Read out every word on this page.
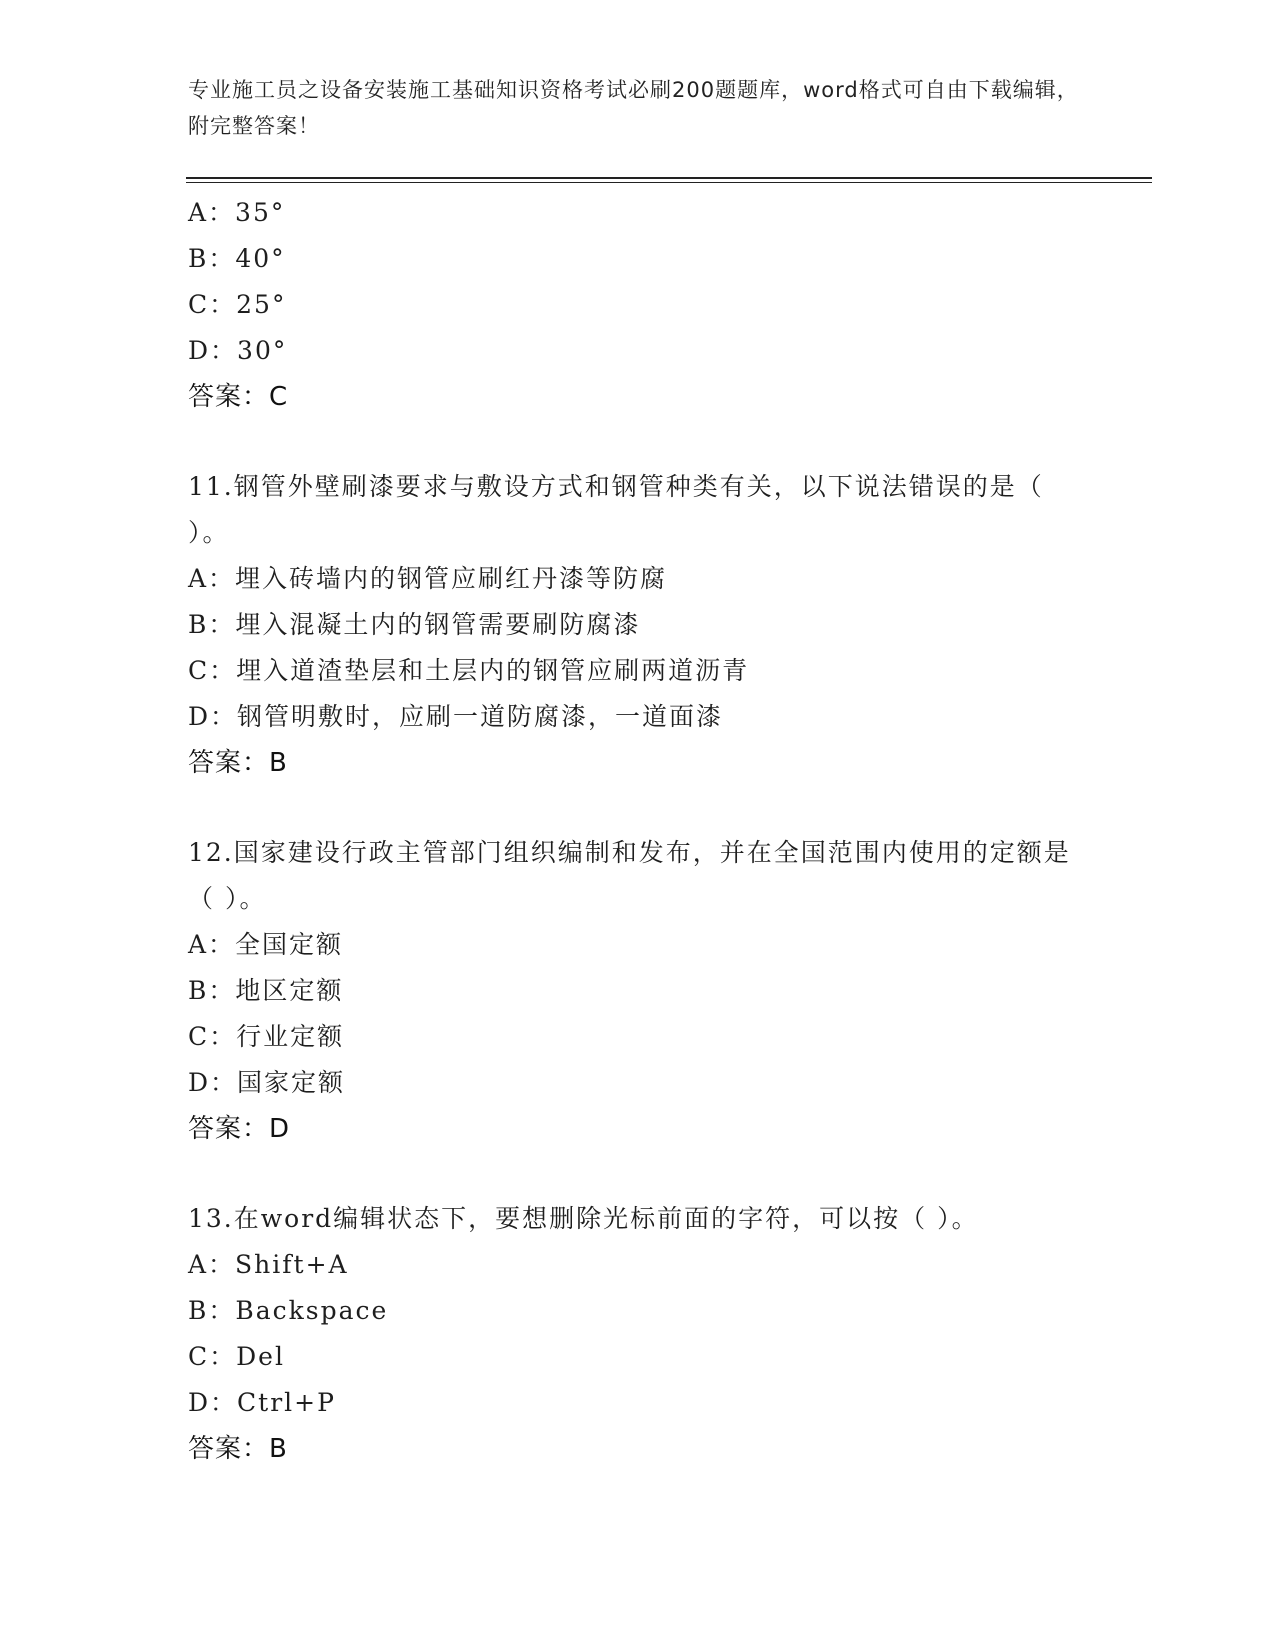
专业施工员之设备安装施工基础知识资格考试必刷200题题库，word格式可自由下载编辑，附完整答案！
A：35°
B：40°
C：25°
D：30°
答案：C
11.钢管外壁刷漆要求与敷设方式和钢管种类有关，以下说法错误的是（ ）。
A：埋入砖墙内的钢管应刷红丹漆等防腐
B：埋入混凝土内的钢管需要刷防腐漆
C：埋入道渣垫层和土层内的钢管应刷两道沥青
D：钢管明敷时，应刷一道防腐漆，一道面漆
答案：B
12.国家建设行政主管部门组织编制和发布，并在全国范围内使用的定额是（ ）。
A：全国定额
B：地区定额
C：行业定额
D：国家定额
答案：D
13.在word编辑状态下，要想删除光标前面的字符，可以按（ ）。
A：Shift+A
B：Backspace
C：Del
D：Ctrl+P
答案：B
